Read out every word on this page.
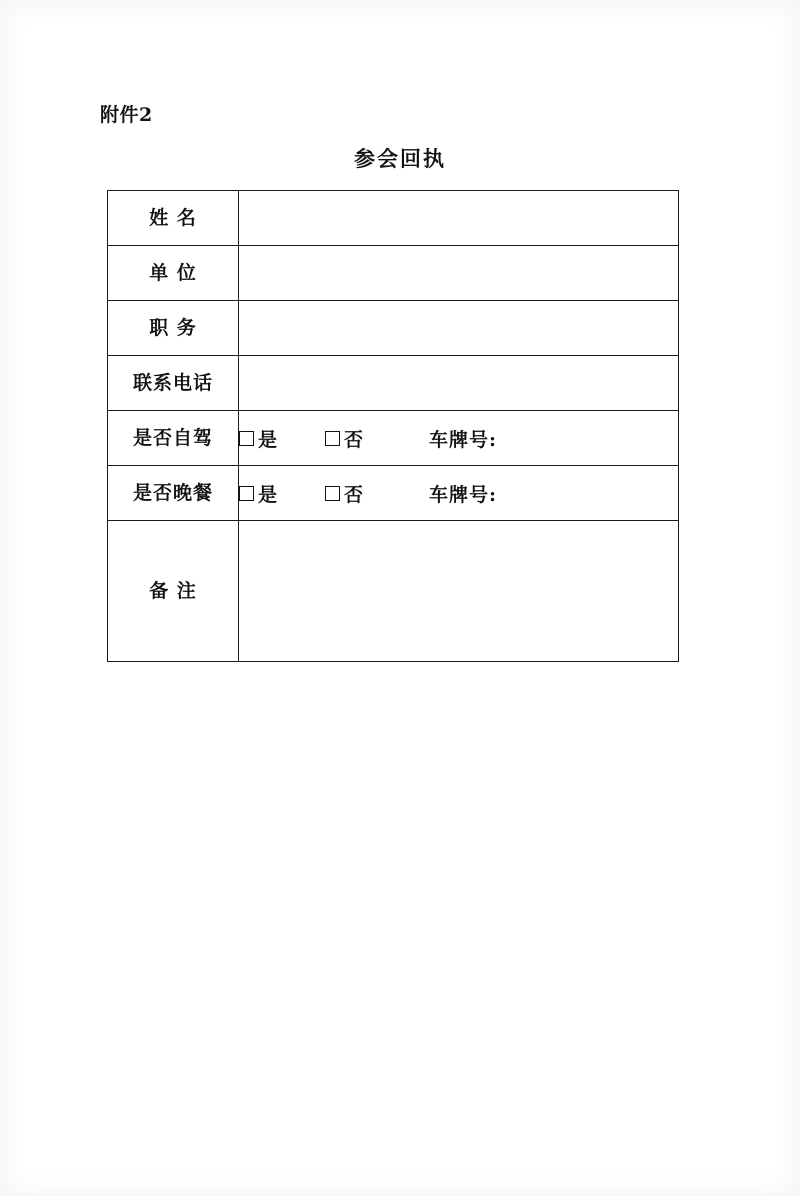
附件2
参会回执
姓 名	

单 位	

职 务	

联系电话	

是否自驾	是 否 车牌号:

是否晚餐	是 否 车牌号:

备 注	
